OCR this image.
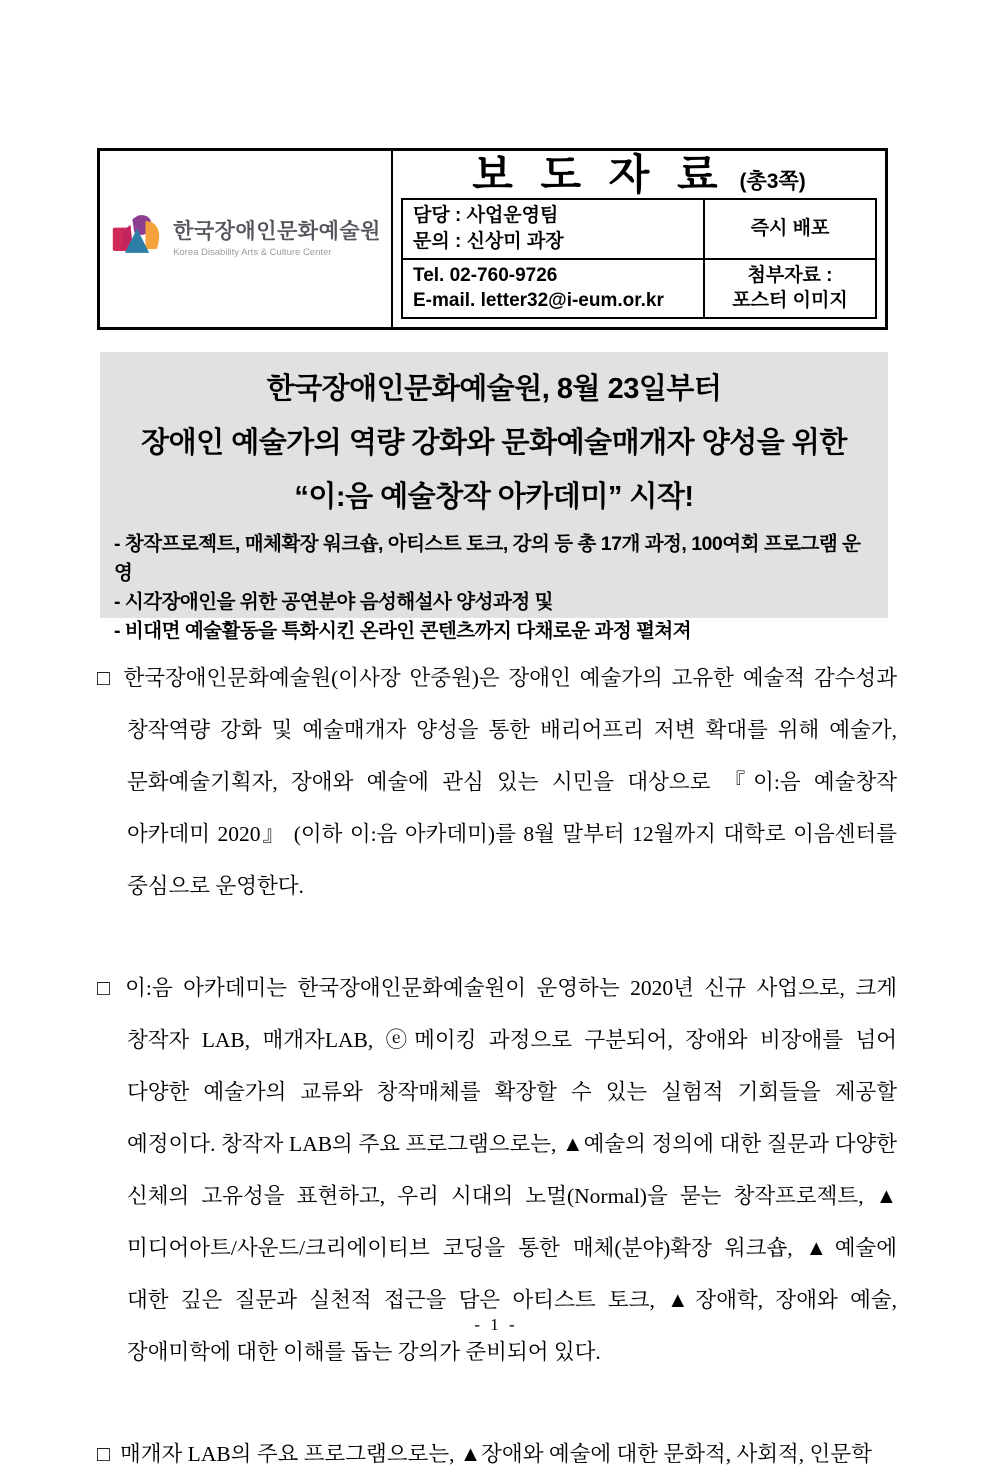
한국장애인문화예술원
Korea Disability Arts & Culture Center
보 도 자 료 (총3쪽)
담당 : 사업운영팀
문의 : 신상미 과장
즉시 배포
Tel. 02-760-9726
E-mail. letter32@i-eum.or.kr
첨부자료 :
포스터 이미지
한국장애인문화예술원, 8월 23일부터
장애인 예술가의 역량 강화와 문화예술매개자 양성을 위한
“이:음 예술창작 아카데미” 시작!
- 창작프로젝트, 매체확장 워크숍, 아티스트 토크, 강의 등 총 17개 과정, 100여회 프로그램 운영
- 시각장애인을 위한 공연분야 음성해설사 양성과정 및
- 비대면 예술활동을 특화시킨 온라인 콘텐츠까지 다채로운 과정 펼쳐져

□ 한국장애인문화예술원(이사장 안중원)은 장애인 예술가의 고유한 예술적 감수성과 창작역량 강화 및 예술매개자 양성을 통한 배리어프리 저변 확대를 위해 예술가, 문화예술기획자, 장애와 예술에 관심 있는 시민을 대상으로 『이:음 예술창작 아카데미 2020』 (이하 이:음 아카데미)를 8월 말부터 12월까지 대학로 이음센터를 중심으로 운영한다.

□ 이:음 아카데미는 한국장애인문화예술원이 운영하는 2020년 신규 사업으로, 크게 창작자 LAB, 매개자LAB, ⓔ메이킹 과정으로 구분되어, 장애와 비장애를 넘어 다양한 예술가의 교류와 창작매체를 확장할 수 있는 실험적 기회들을 제공할 예정이다. 창작자 LAB의 주요 프로그램으로는, ▲예술의 정의에 대한 질문과 다양한 신체의 고유성을 표현하고, 우리 시대의 노멀(Normal)을 묻는 창작프로젝트, ▲미디어아트/사운드/크리에이티브 코딩을 통한 매체(분야)확장 워크숍, ▲예술에 대한 깊은 질문과 실천적 접근을 담은 아티스트 토크, ▲장애학, 장애와 예술, 장애미학에 대한 이해를 돕는 강의가 준비되어 있다.

□ 매개자 LAB의 주요 프로그램으로는, ▲장애와 예술에 대한 문화적, 사회적, 인문학

- 1 -
